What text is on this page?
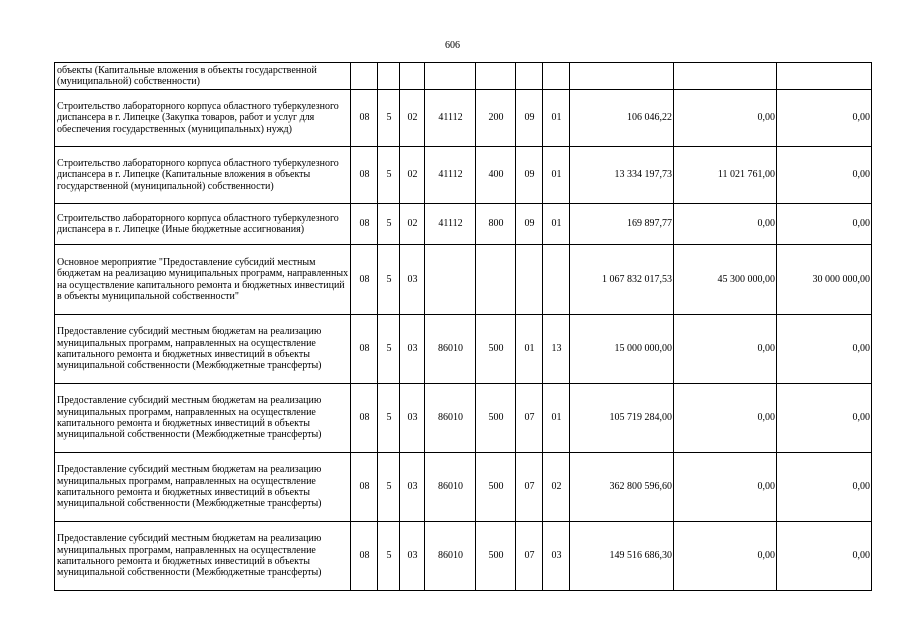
606
объекты (Капитальные вложения в объекты государственной (муниципальной) собственности)										
Строительство лабораторного корпуса областного туберкулезного диспансера в г. Липецке (Закупка товаров, работ и услуг для обеспечения государственных (муниципальных) нужд)	08	5	02	41112	200	09	01	106 046,22	0,00	0,00
Строительство лабораторного корпуса областного туберкулезного диспансера в г. Липецке (Капитальные вложения в объекты государственной (муниципальной) собственности)	08	5	02	41112	400	09	01	13 334 197,73	11 021 761,00	0,00
Строительство лабораторного корпуса областного туберкулезного диспансера в г. Липецке (Иные бюджетные ассигнования)	08	5	02	41112	800	09	01	169 897,77	0,00	0,00
Основное мероприятие "Предоставление субсидий местным бюджетам на реализацию муниципальных программ, направленных на осуществление капитального ремонта и бюджетных инвестиций в объекты муниципальной собственности"	08	5	03					1 067 832 017,53	45 300 000,00	30 000 000,00
Предоставление субсидий местным бюджетам на реализацию муниципальных программ, направленных на осуществление капитального ремонта и бюджетных инвестиций в объекты муниципальной собственности (Межбюджетные трансферты)	08	5	03	86010	500	01	13	15 000 000,00	0,00	0,00
Предоставление субсидий местным бюджетам на реализацию муниципальных программ, направленных на осуществление капитального ремонта и бюджетных инвестиций в объекты муниципальной собственности (Межбюджетные трансферты)	08	5	03	86010	500	07	01	105 719 284,00	0,00	0,00
Предоставление субсидий местным бюджетам на реализацию муниципальных программ, направленных на осуществление капитального ремонта и бюджетных инвестиций в объекты муниципальной собственности (Межбюджетные трансферты)	08	5	03	86010	500	07	02	362 800 596,60	0,00	0,00
Предоставление субсидий местным бюджетам на реализацию муниципальных программ, направленных на осуществление капитального ремонта и бюджетных инвестиций в объекты муниципальной собственности (Межбюджетные трансферты)	08	5	03	86010	500	07	03	149 516 686,30	0,00	0,00
